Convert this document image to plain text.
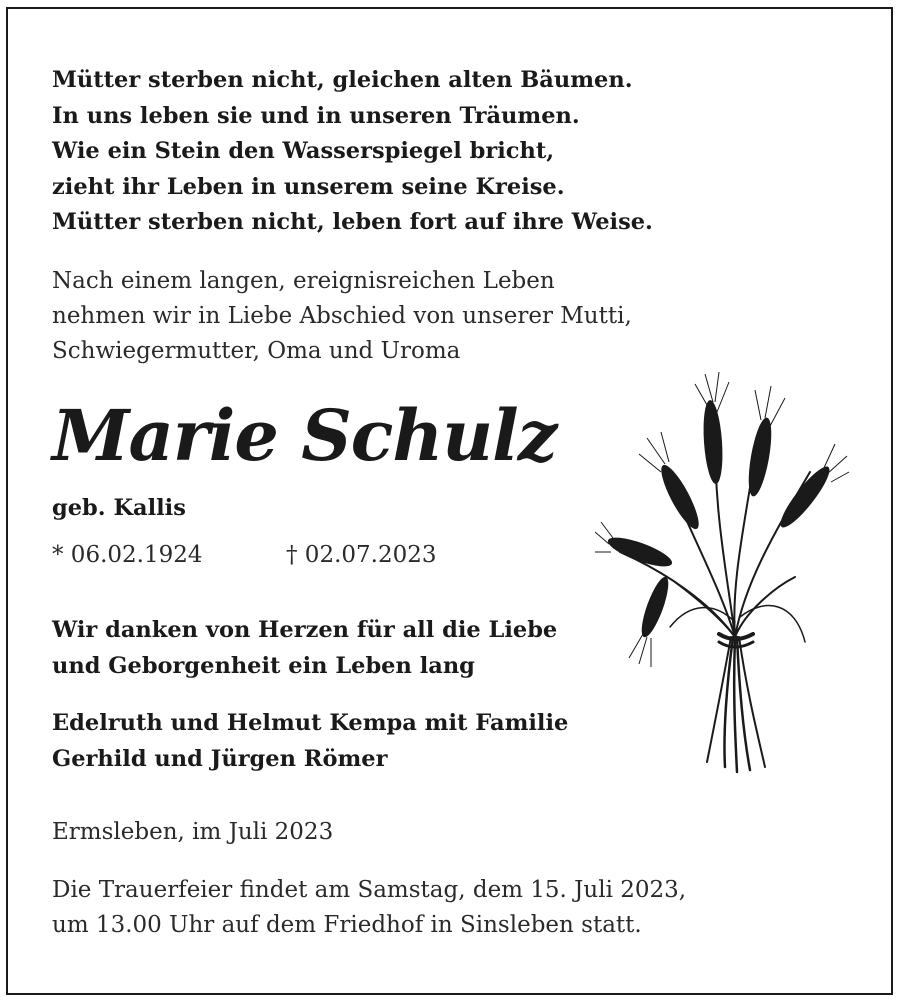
Mütter sterben nicht, gleichen alten Bäumen.
In uns leben sie und in unseren Träumen.
Wie ein Stein den Wasserspiegel bricht,
zieht ihr Leben in unserem seine Kreise.
Mütter sterben nicht, leben fort auf ihre Weise.
Nach einem langen, ereignisreichen Leben
nehmen wir in Liebe Abschied von unserer Mutti,
Schwiegermutter, Oma und Uroma
Marie Schulz
geb. Kallis
* 06.02.1924	† 02.07.2023
Wir danken von Herzen für all die Liebe
und Geborgenheit ein Leben lang
Edelruth und Helmut Kempa mit Familie
Gerhild und Jürgen Römer
Ermsleben, im Juli 2023
Die Trauerfeier findet am Samstag, dem 15. Juli 2023,
um 13.00 Uhr auf dem Friedhof in Sinsleben statt.
